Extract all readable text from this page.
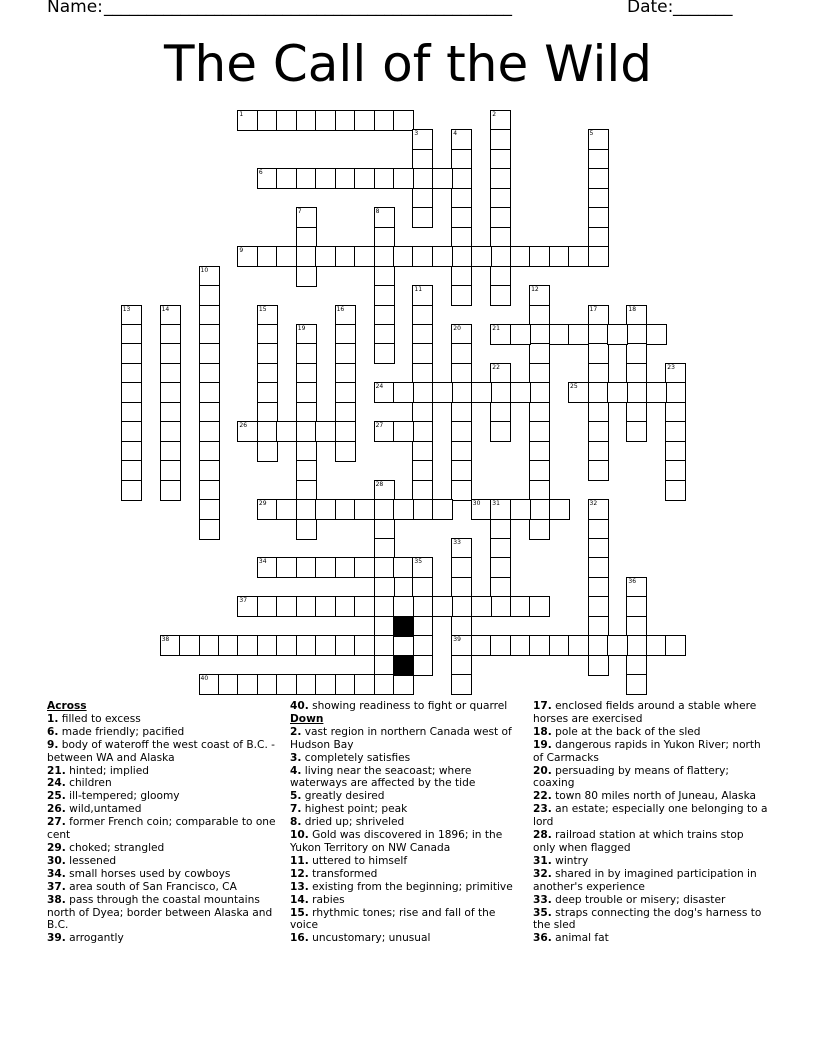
Name: ________________________________________________	Date: _______
The Call of the Wild
1	2
3	4	5
6
7	8
9
10
11	12
13	14	15	16	17	18
19	20	21
22	23
24	25
26	27
28
29	30 31	32
33
39
34	35
36
37
38
40
Across
1. filled to excess
6. made friendly; pacified
9. body of wateroff the west coast of B.C. - between WA and Alaska
21. hinted; implied
24. children
25. ill-tempered; gloomy
26. wild,untamed
27. former French coin; comparable to one cent
29. choked; strangled
30. lessened
34. small horses used by cowboys
37. area south of San Francisco, CA
38. pass through the coastal mountains north of Dyea; border between Alaska and B.C.
39. arrogantly
40. showing readiness to fight or quarrel
Down
2. vast region in northern Canada west of Hudson Bay
3. completely satisfies
4. living near the seacoast; where waterways are affected by the tide
5. greatly desired
7. highest point; peak
8. dried up; shriveled
10. Gold was discovered in 1896; in the Yukon Territory on NW Canada
11. uttered to himself
12. transformed
13. existing from the beginning; primitive
14. rabies
15. rhythmic tones; rise and fall of the voice
16. uncustomary; unusual
17. enclosed fields around a stable where horses are exercised
18. pole at the back of the sled
19. dangerous rapids in Yukon River; north of Carmacks
20. persuading by means of flattery; coaxing
22. town 80 miles north of Juneau, Alaska
23. an estate; especially one belonging to a lord
28. railroad station at which trains stop only when flagged
31. wintry
32. shared in by imagined participation in another's experience
33. deep trouble or misery; disaster
35. straps connecting the dog's harness to the sled
36. animal fat
